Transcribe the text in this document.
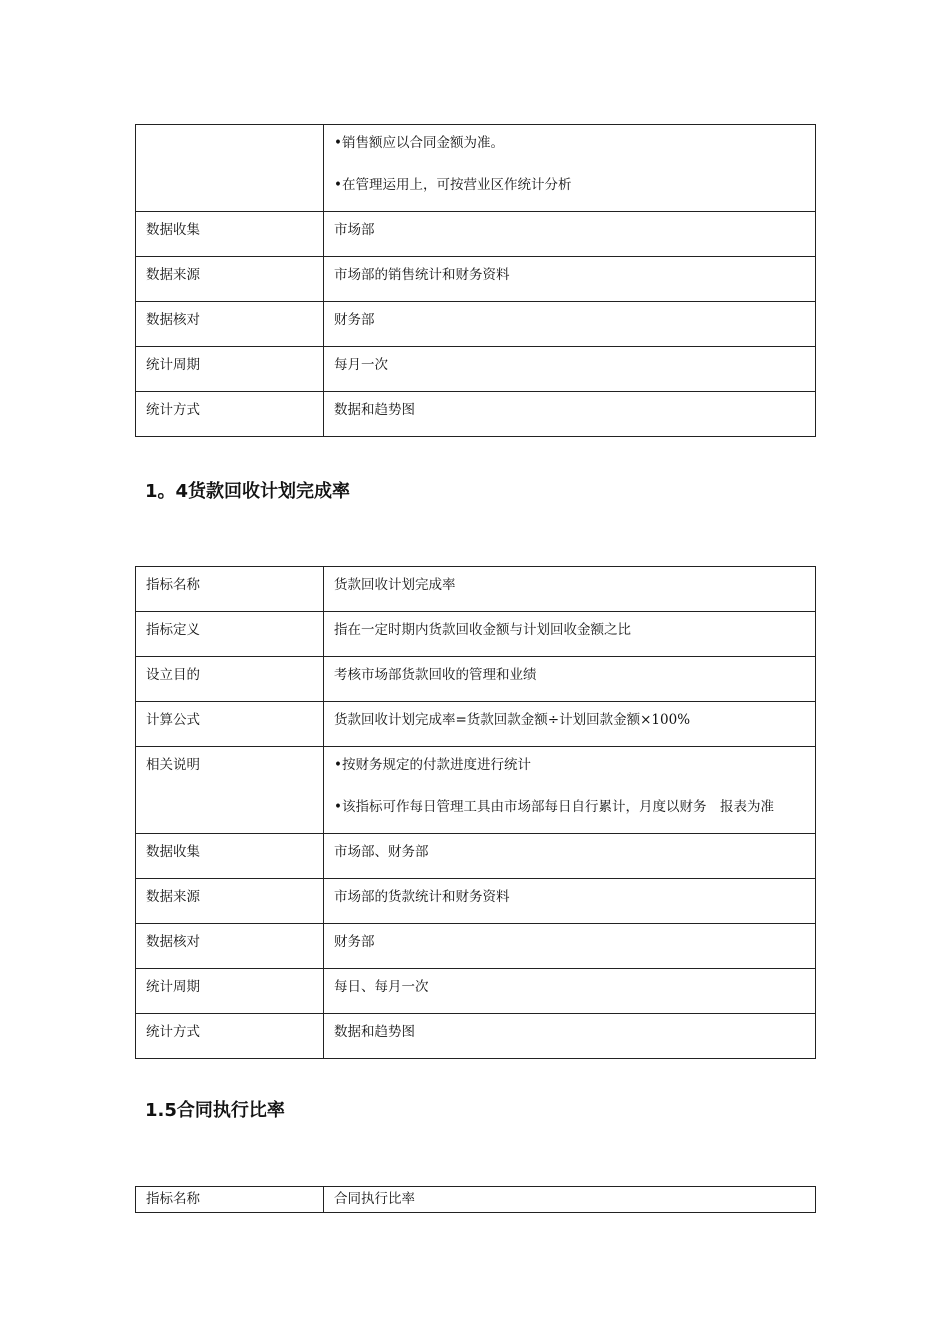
	•销售额应以合同金额为准。
•在管理运用上，可按营业区作统计分析

数据收集	市场部
数据来源	市场部的销售统计和财务资料
数据核对	财务部
统计周期	每月一次
统计方式	数据和趋势图
1。4货款回收计划完成率
指标名称	货款回收计划完成率
指标定义	指在一定时期内货款回收金额与计划回收金额之比
设立目的	考核市场部货款回收的管理和业绩
计算公式	货款回收计划完成率=货款回款金额÷计划回款金额×100%
相关说明	•按财务规定的付款进度进行统计
•该指标可作每日管理工具由市场部每日自行累计，月度以财务　报表为准

数据收集	市场部、财务部
数据来源	市场部的货款统计和财务资料
数据核对	财务部
统计周期	每日、每月一次
统计方式	数据和趋势图
1.5合同执行比率
指标名称	合同执行比率
